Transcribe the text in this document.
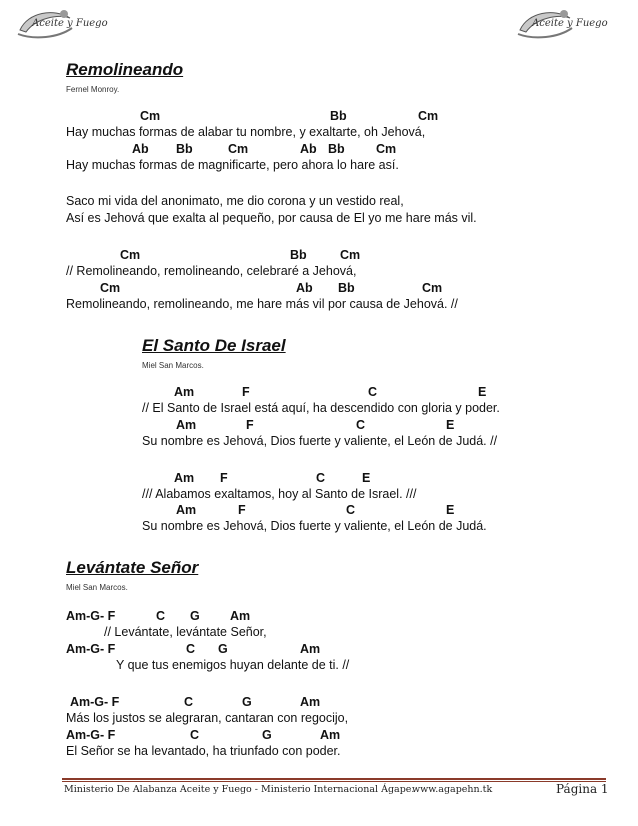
Aceite y Fuego	Aceite y Fuego
Remolineando
Fernel Monroy.
Cm	Bb	Cm
Hay muchas formas de alabar tu nombre, y exaltarte, oh Jehová,
Ab Bb	Cm	Ab Bb	Cm
Hay muchas formas de magnificarte, pero ahora lo hare así.
Saco mi vida del anonimato, me dio corona y un vestido real,
Así es Jehová que exalta al pequeño, por causa de El yo me hare más vil.
Cm	Bb	Cm
// Remolineando, remolineando, celebraré a Jehová,
Cm	Ab Bb	Cm
Remolineando, remolineando, me hare más vil por causa de Jehová. //
El Santo De Israel
Miel San Marcos.
Am	F	C	E
// El Santo de Israel está aquí, ha descendido con gloria y poder.
Am	F	C	E
Su nombre es Jehová, Dios fuerte y valiente, el León de Judá. //
Am F	C	E
/// Alabamos exaltamos, hoy al Santo de Israel. ///
Am	F	C	E
Su nombre es Jehová, Dios fuerte y valiente, el León de Judá.
Levántate Señor
Miel San Marcos.
Am-G- F	C G Am
// Levántate, levántate Señor,
Am-G- F	C G	Am
Y que tus enemigos huyan delante de ti. //
Am-G- F	C	G	Am
Más los justos se alegraran, cantaran con regocijo,
Am-G- F	C	G	Am
El Señor se ha levantado, ha triunfado con poder.
Ministerio De Alabanza Aceite y Fuego - Ministerio Internacional Ágape.
www.agapehn.tk	Página 1
